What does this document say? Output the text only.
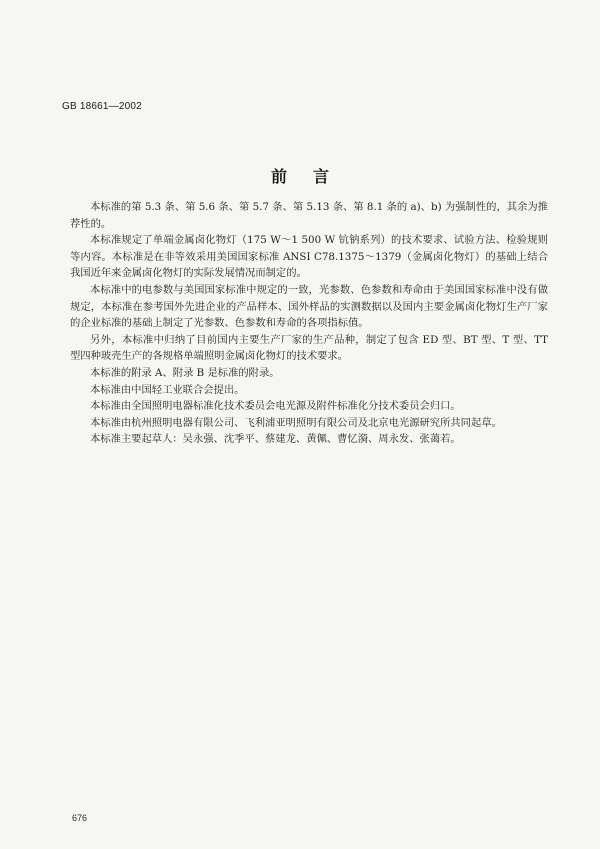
GB 18661—2002
前言

本标准的第 5.3 条、第 5.6 条、第 5.7 条、第 5.13 条、第 8.1 条的 a)、b) 为强制性的，其余为推荐性的。

本标准规定了单端金属卤化物灯（175 W～1 500 W 钪钠系列）的技术要求、试验方法、检验规则等内容。本标准是在非等效采用美国国家标准 ANSI C78.1375～1379（金属卤化物灯）的基础上结合我国近年来金属卤化物灯的实际发展情况而制定的。

本标准中的电参数与美国国家标准中规定的一致，光参数、色参数和寿命由于美国国家标准中没有做规定，本标准在参考国外先进企业的产品样本、国外样品的实测数据以及国内主要金属卤化物灯生产厂家的企业标准的基础上制定了光参数、色参数和寿命的各项指标值。

另外，本标准中归纳了目前国内主要生产厂家的生产品种，制定了包含 ED 型、BT 型、T 型、TT 型四种玻壳生产的各规格单端照明金属卤化物灯的技术要求。

本标准的附录 A、附录 B 是标准的附录。

本标准由中国轻工业联合会提出。

本标准由全国照明电器标准化技术委员会电光源及附件标准化分技术委员会归口。

本标准由杭州照明电器有限公司、飞利浦亚明照明有限公司及北京电光源研究所共同起草。

本标准主要起草人：吴永强、沈季平、蔡建龙、黄佩、曹忆漪、周永发、张蔼若。

676
